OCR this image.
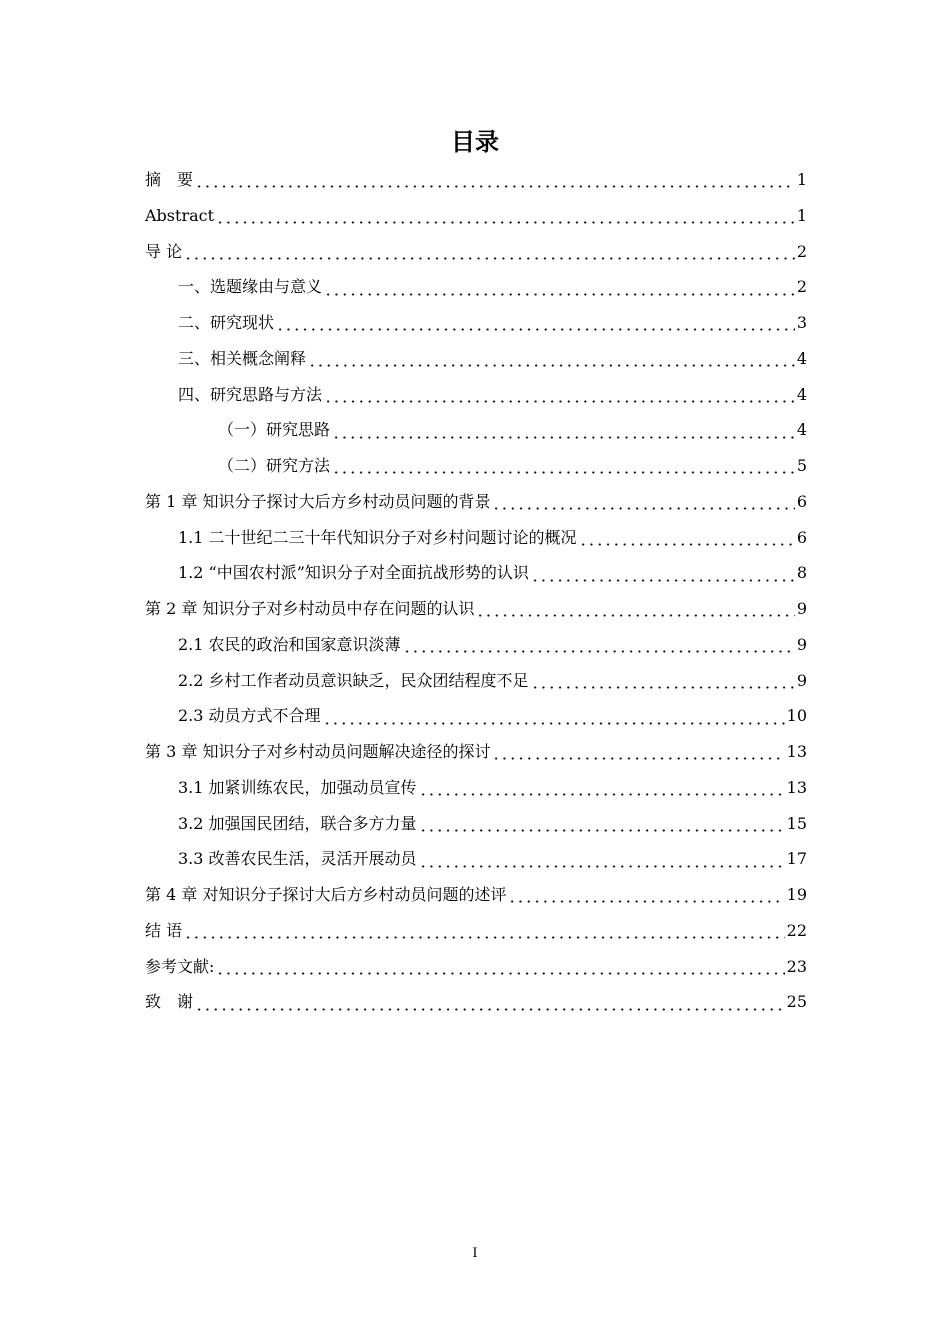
目录
摘　要	1
Abstract	1
导 论	2
一、选题缘由与意义	2
二、研究现状	3
三、相关概念阐释	4
四、研究思路与方法	4
（一）研究思路	4
（二）研究方法	5
第 1 章 知识分子探讨大后方乡村动员问题的背景	6
1.1 二十世纪二三十年代知识分子对乡村问题讨论的概况	6
1.2 “中国农村派”知识分子对全面抗战形势的认识	8
第 2 章 知识分子对乡村动员中存在问题的认识	9
2.1 农民的政治和国家意识淡薄	9
2.2 乡村工作者动员意识缺乏，民众团结程度不足	9
2.3 动员方式不合理	10
第 3 章 知识分子对乡村动员问题解决途径的探讨	13
3.1 加紧训练农民，加强动员宣传	13
3.2 加强国民团结，联合多方力量	15
3.3 改善农民生活，灵活开展动员	17
第 4 章 对知识分子探讨大后方乡村动员问题的述评	19
结 语	22
参考文献:	23
致　谢	25
I
